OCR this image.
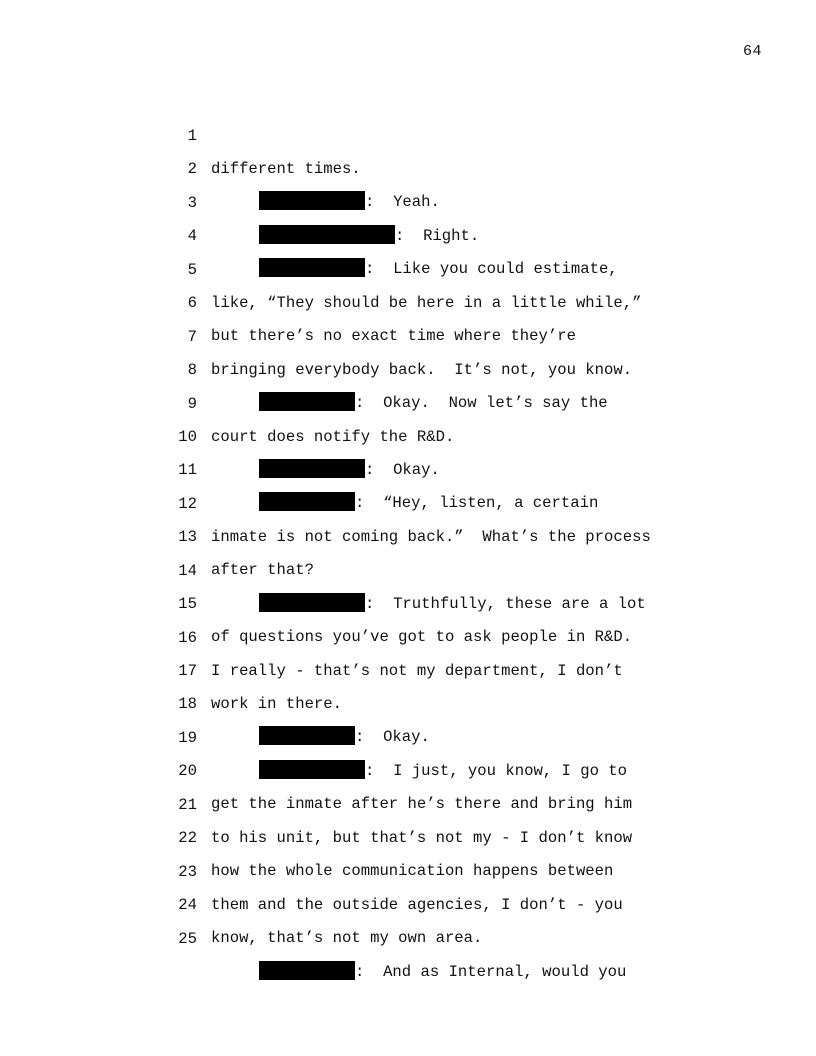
64

1

different times.

2

:  Yeah.

3

:  Right.

4

:  Like you could estimate,

5

like, “They should be here in a little while,”

6

but there’s no exact time where they’re

7

bringing everybody back.  It’s not, you know.

8

:  Okay.  Now let’s say the

9

court does notify the R&D.

10

:  Okay.

11

:  “Hey, listen, a certain

12

inmate is not coming back.”  What’s the process

13

after that?

14

:  Truthfully, these are a lot

15

of questions you’ve got to ask people in R&D.

16

I really - that’s not my department, I don’t

17

work in there.

18

:  Okay.

19

:  I just, you know, I go to

20

get the inmate after he’s there and bring him

21

to his unit, but that’s not my - I don’t know

22

how the whole communication happens between

23

them and the outside agencies, I don’t - you

24

know, that’s not my own area.

25

:  And as Internal, would you
